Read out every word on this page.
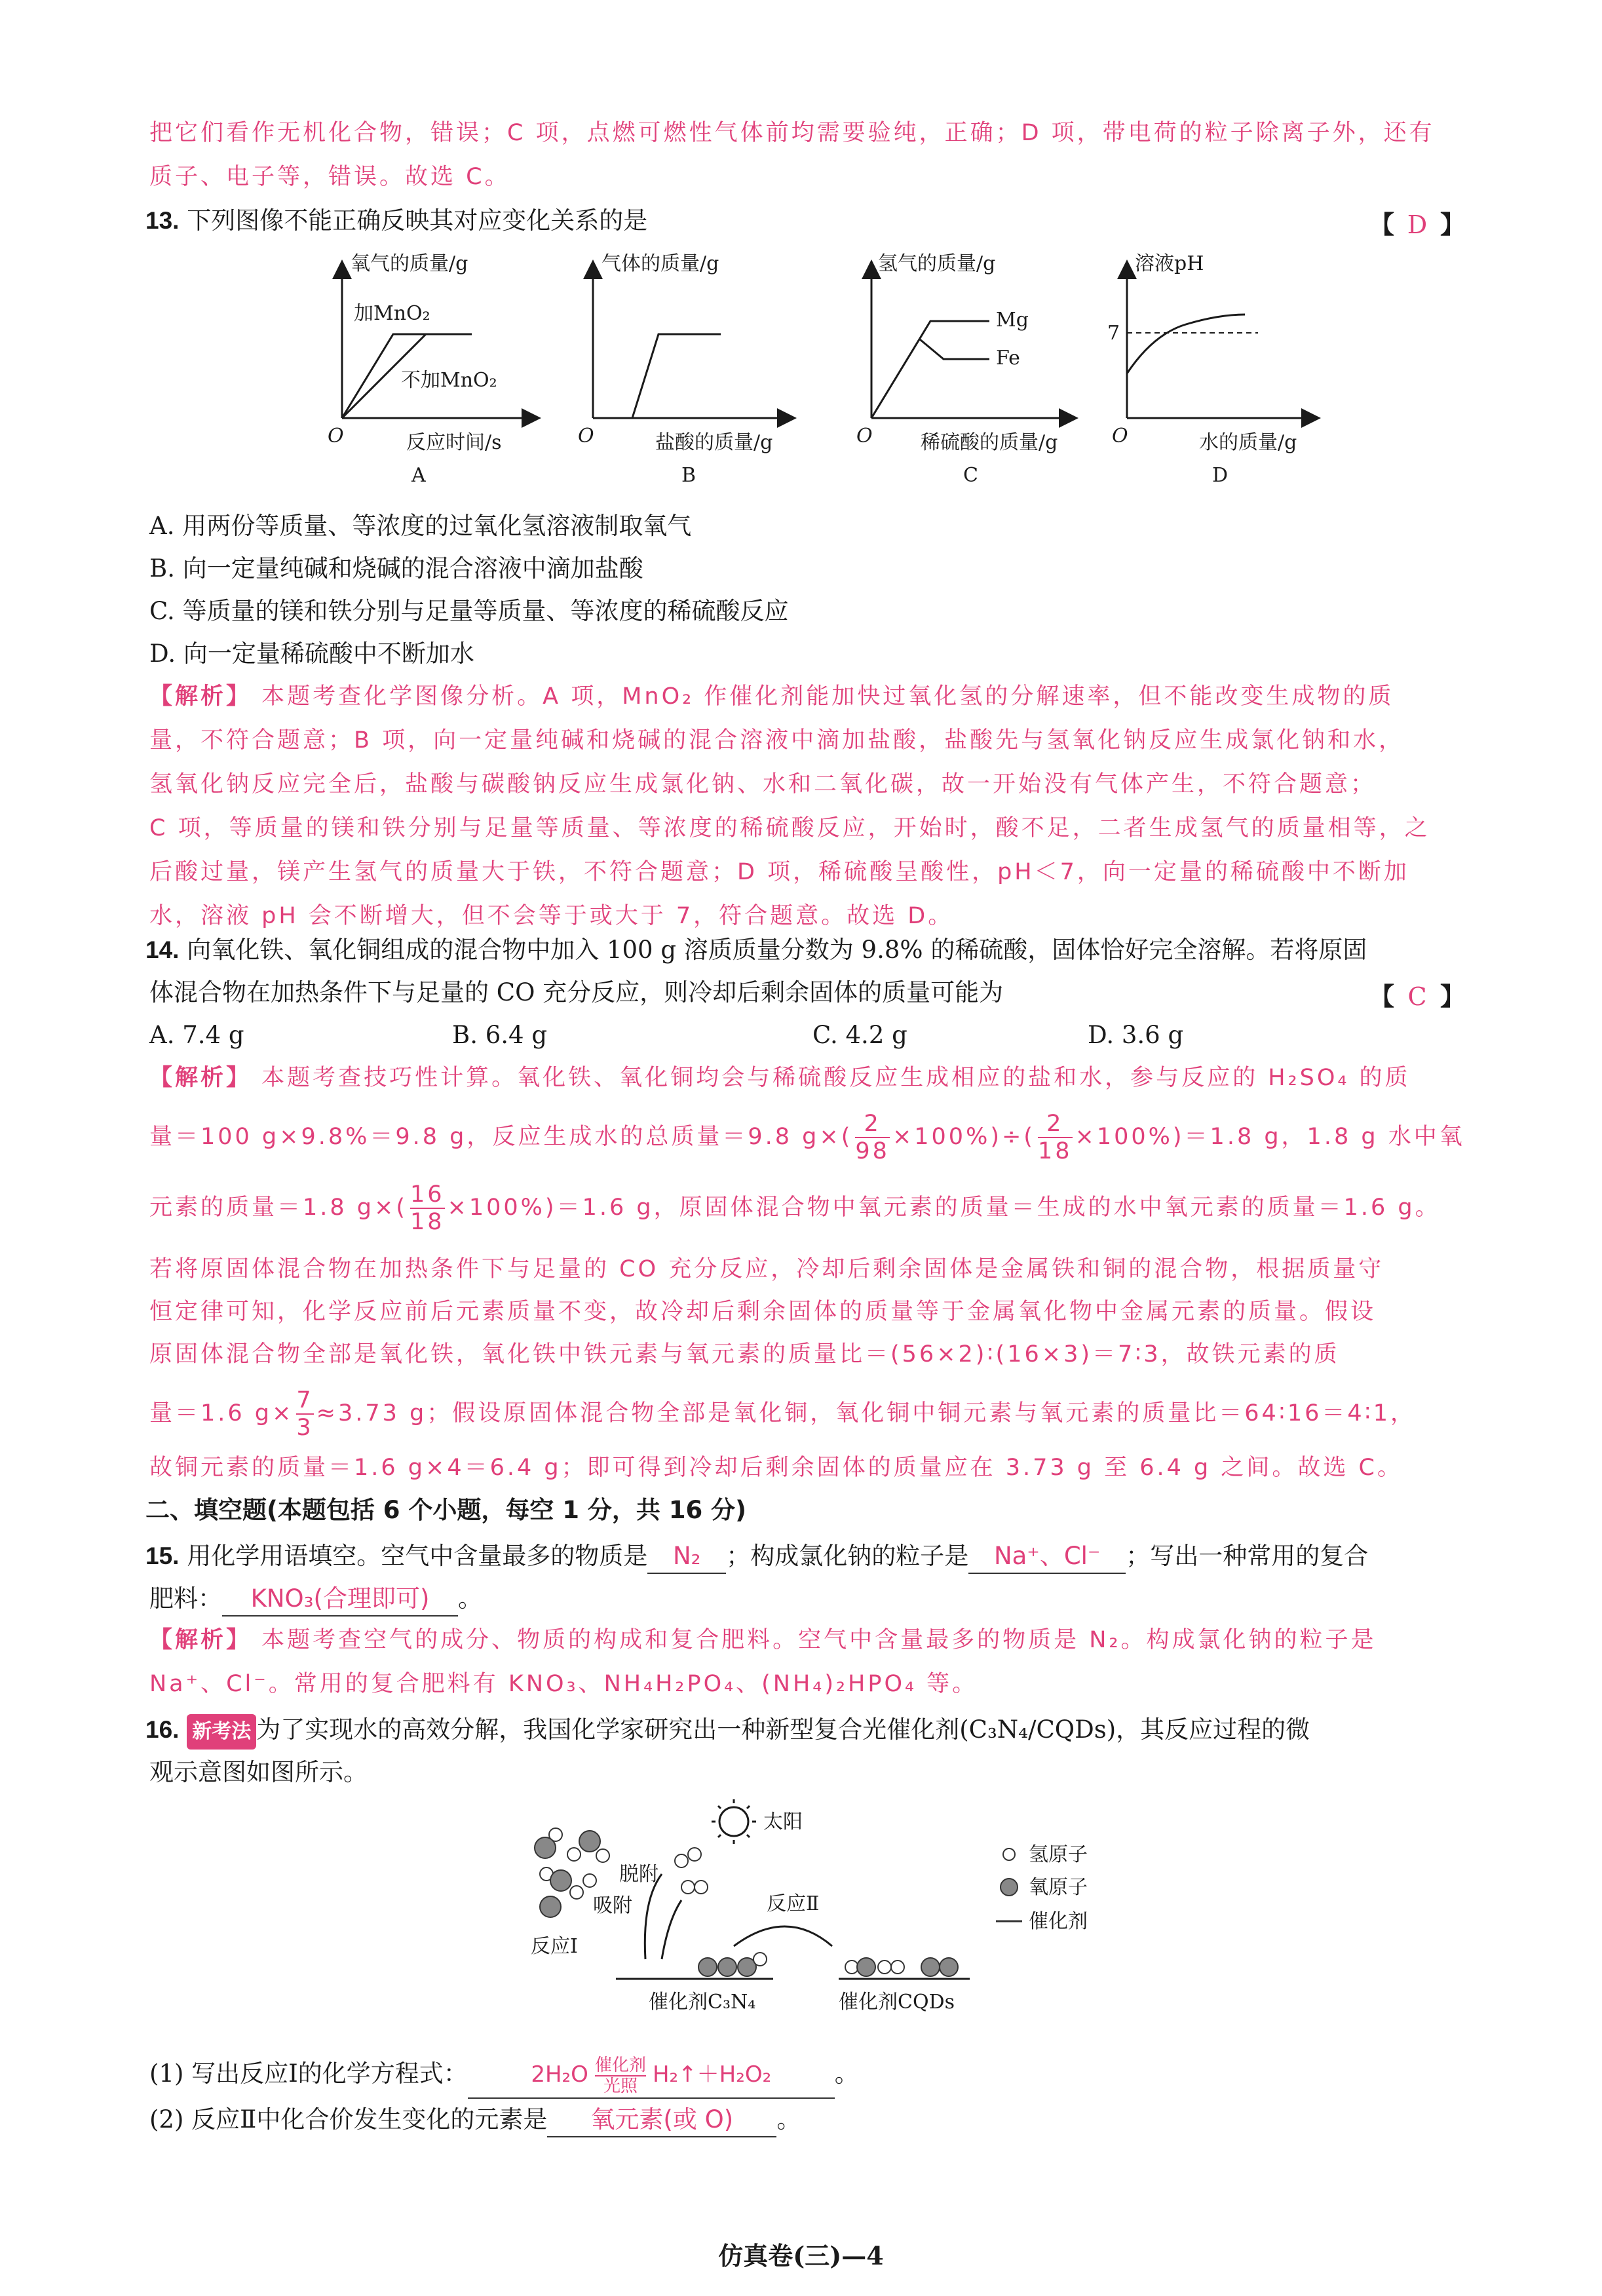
把它们看作无机化合物，错误；C 项，点燃可燃性气体前均需要验纯，正确；D 项，带电荷的粒子除离子外，还有
质子、电子等，错误。故选 C。
13. 下列图像不能正确反映其对应变化关系的是	【 D 】
氧气的质量/g
加MnO₂
不加MnO₂
O	反应时间/s
A
气体的质量/g
O	盐酸的质量/g
B
氢气的质量/g
Mg
Fe
O 稀硫酸的质量/g
C
溶液pH
7
O	水的质量/g
D
A. 用两份等质量、等浓度的过氧化氢溶液制取氧气
B. 向一定量纯碱和烧碱的混合溶液中滴加盐酸
C. 等质量的镁和铁分别与足量等质量、等浓度的稀硫酸反应
D. 向一定量稀硫酸中不断加水
【解析】 本题考查化学图像分析。A 项，MnO₂ 作催化剂能加快过氧化氢的分解速率，但不能改变生成物的质
量，不符合题意；B 项，向一定量纯碱和烧碱的混合溶液中滴加盐酸，盐酸先与氢氧化钠反应生成氯化钠和水，
氢氧化钠反应完全后，盐酸与碳酸钠反应生成氯化钠、水和二氧化碳，故一开始没有气体产生，不符合题意；
C 项，等质量的镁和铁分别与足量等质量、等浓度的稀硫酸反应，开始时，酸不足，二者生成氢气的质量相等，之
后酸过量，镁产生氢气的质量大于铁，不符合题意；D 项，稀硫酸呈酸性，pH＜7，向一定量的稀硫酸中不断加
水，溶液 pH 会不断增大，但不会等于或大于 7，符合题意。故选 D。
14. 向氧化铁、氧化铜组成的混合物中加入 100 g 溶质质量分数为 9.8% 的稀硫酸，固体恰好完全溶解。若将原固
体混合物在加热条件下与足量的 CO 充分反应，则冷却后剩余固体的质量可能为	【 C 】
A. 7.4 g	B. 6.4 g	C. 4.2 g	D. 3.6 g
【解析】 本题考查技巧性计算。氧化铁、氧化铜均会与稀硫酸反应生成相应的盐和水，参与反应的 H₂SO₄ 的质
量＝100 g×9.8%＝9.8 g，反应生成水的总质量＝9.8 $g\times( \frac{2}{98} \times 100\%)\div( \frac{2}{18} \times 100\%)=1.8$ g，1.8 g 水中氧
元素的质量＝1.8 $g\times( \frac{16}{18} \times 100\%)=1.6$ g，原固体混合物中氧元素的质量＝生成的水中氧元素的质量＝1.6 g。
若将原固体混合物在加热条件下与足量的 CO 充分反应，冷却后剩余固体是金属铁和铜的混合物，根据质量守
恒定律可知，化学反应前后元素质量不变，故冷却后剩余固体的质量等于金属氧化物中金属元素的质量。假设
原固体混合物全部是氧化铁，氧化铁中铁元素与氧元素的质量比＝(56×2)∶(16×3)＝7∶3，故铁元素的质
量＝1.6 $g\times \frac{7}{3} \approx 3.73$ g；假设原固体混合物全部是氧化铜，氧化铜中铜元素与氧元素的质量比＝64∶16＝4∶1，
故铜元素的质量＝1.6 g×4＝6.4 g；即可得到冷却后剩余固体的质量应在 3.73 g 至 6.4 g 之间。故选 C。
二、填空题(本题包括 6 个小题，每空 1 分，共 16 分)
15. 用化学用语填空。空气中含量最多的物质是 N₂ ；构成氯化钠的粒子是 Na⁺、Cl⁻ ；写出一种常用的复合
肥料： KNO₃(合理即可) 。
【解析】 本题考查空气的成分、物质的构成和复合肥料。空气中含量最多的物质是 N₂。构成氯化钠的粒子是
Na⁺、Cl⁻。常用的复合肥料有 KNO₃、NH₄H₂PO₄、(NH₄)₂HPO₄ 等。
16. 新考法 为了实现水的高效分解，我国化学家研究出一种新型复合光催化剂(C₃N₄/CQDs)，其反应过程的微
观示意图如图所示。
太阳
脱附
吸附
反应Ⅰ
催化剂C₃N₄
反应Ⅱ
催化剂CQDs
氢原子
氧原子
催化剂
(1) 写出反应Ⅰ的化学方程式：	2H₂O 催化剂
光照 H₂↑＋H₂O₂	。
(2) 反应Ⅱ中化合价发生变化的元素是 氧元素(或 O) 。
仿真卷(三)—4
